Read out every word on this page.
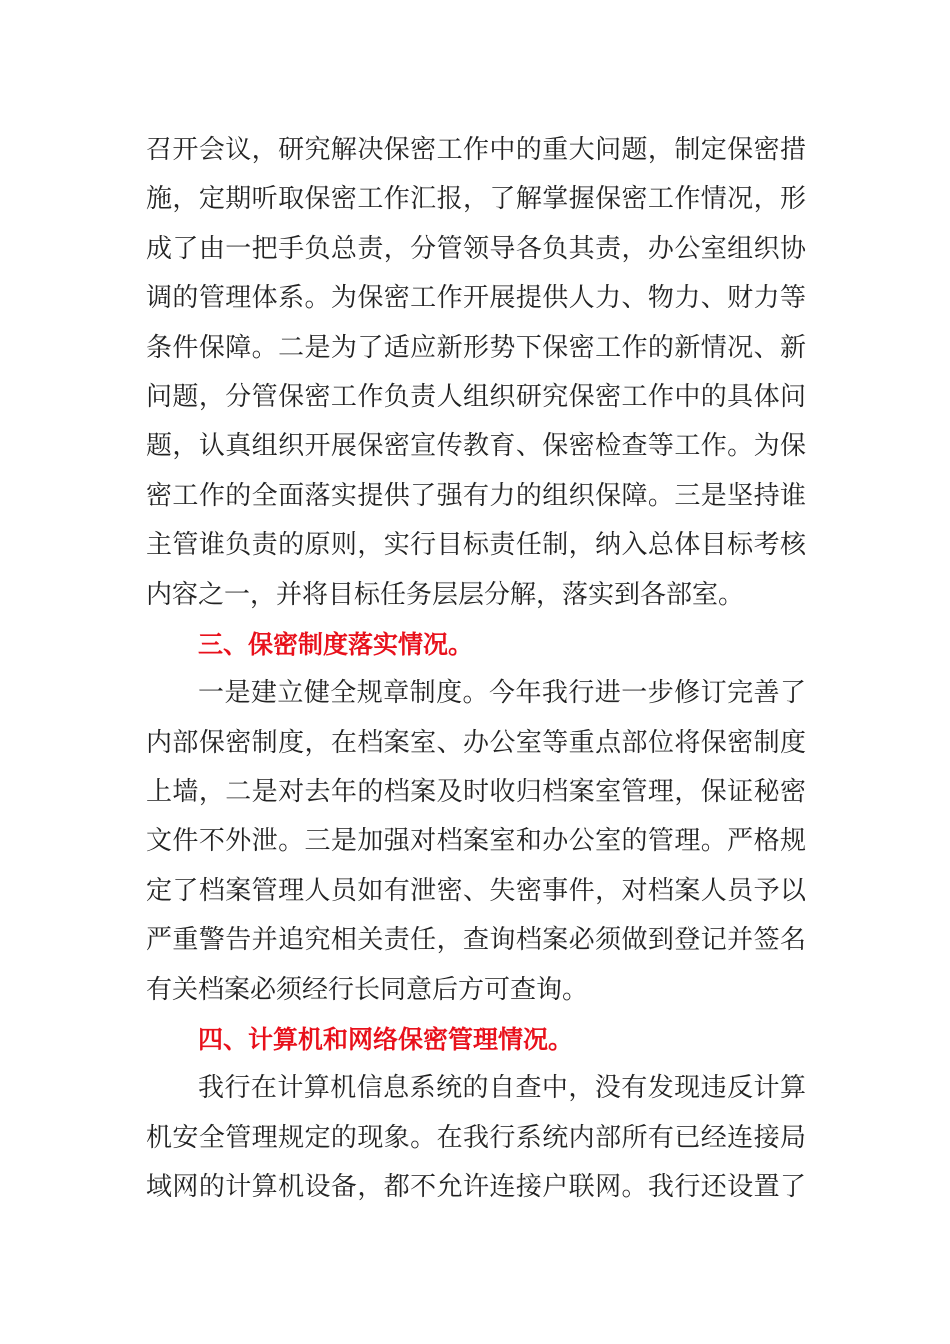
召开会议，研究解决保密工作中的重大问题，制定保密措
施，定期听取保密工作汇报，了解掌握保密工作情况，形
成了由一把手负总责，分管领导各负其责，办公室组织协
调的管理体系。为保密工作开展提供人力、物力、财力等
条件保障。二是为了适应新形势下保密工作的新情况、新
问题，分管保密工作负责人组织研究保密工作中的具体问
题，认真组织开展保密宣传教育、保密检查等工作。为保
密工作的全面落实提供了强有力的组织保障。三是坚持谁
主管谁负责的原则，实行目标责任制，纳入总体目标考核
内容之一，并将目标任务层层分解，落实到各部室。
三、保密制度落实情况。
一是建立健全规章制度。今年我行进一步修订完善了
内部保密制度，在档案室、办公室等重点部位将保密制度
上墙，二是对去年的档案及时收归档案室管理，保证秘密
文件不外泄。三是加强对档案室和办公室的管理。严格规
定了档案管理人员如有泄密、失密事件，对档案人员予以
严重警告并追究相关责任，查询档案必须做到登记并签名
有关档案必须经行长同意后方可查询。
四、计算机和网络保密管理情况。
我行在计算机信息系统的自查中，没有发现违反计算
机安全管理规定的现象。在我行系统内部所有已经连接局
域网的计算机设备，都不允许连接户联网。我行还设置了
